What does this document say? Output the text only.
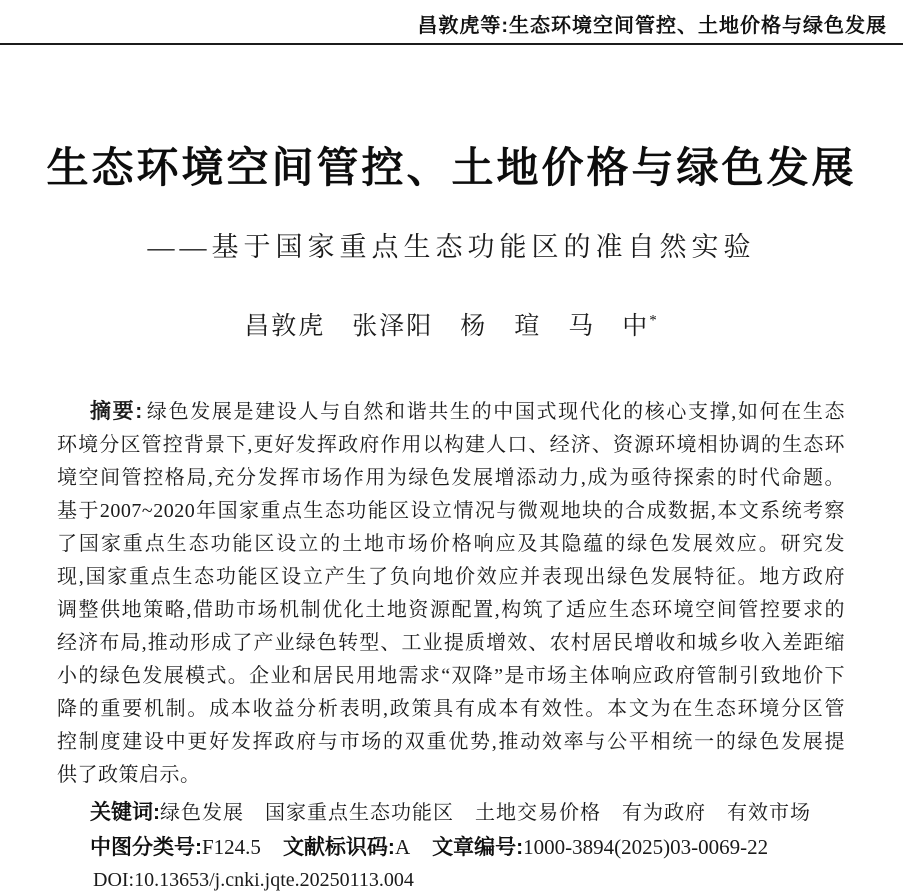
昌敦虎等:生态环境空间管控、土地价格与绿色发展
生态环境空间管控、土地价格与绿色发展
——基于国家重点生态功能区的准自然实验
昌敦虎　张泽阳　杨　瑄　马　中*
摘要: 绿色发展是建设人与自然和谐共生的中国式现代化的核心支撑,如何在生态
环境分区管控背景下,更好发挥政府作用以构建人口、经济、资源环境相协调的生态环
境空间管控格局,充分发挥市场作用为绿色发展增添动力,成为亟待探索的时代命题。
基于2007~2020年国家重点生态功能区设立情况与微观地块的合成数据,本文系统考察
了国家重点生态功能区设立的土地市场价格响应及其隐蕴的绿色发展效应。研究发
现,国家重点生态功能区设立产生了负向地价效应并表现出绿色发展特征。地方政府
调整供地策略,借助市场机制优化土地资源配置,构筑了适应生态环境空间管控要求的
经济布局,推动形成了产业绿色转型、工业提质增效、农村居民增收和城乡收入差距缩
小的绿色发展模式。企业和居民用地需求“双降”是市场主体响应政府管制引致地价下
降的重要机制。成本收益分析表明,政策具有成本有效性。本文为在生态环境分区管
控制度建设中更好发挥政府与市场的双重优势,推动效率与公平相统一的绿色发展提
供了政策启示。
关键词:绿色发展　国家重点生态功能区　土地交易价格　有为政府　有效市场
中图分类号:F124.5 文献标识码:A 文章编号:1000-3894(2025)03-0069-22
DOI:10.13653/j.cnki.jqte.20250113.004
